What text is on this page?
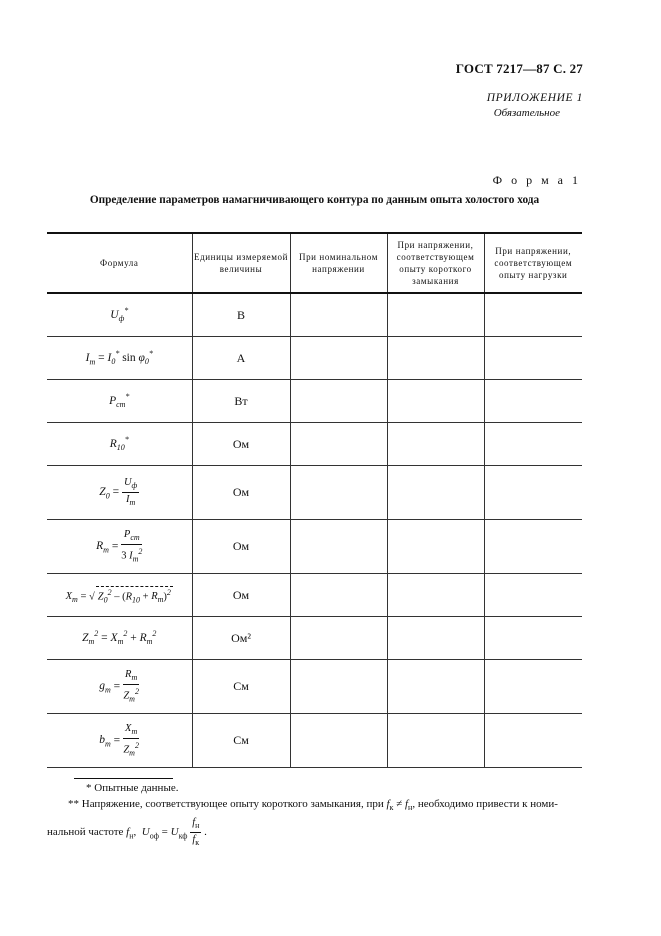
ГОСТ 7217—87 С. 27
ПРИЛОЖЕНИЕ 1
Обязательное
Ф о р м а 1
Определение параметров намагничивающего контура по данным опыта холостого хода
Формула	Единицы измеряемой величины	При номинальном напряжении	При напряжении, соответствующем опыту короткого замыкания	При напряжении, соответствующем опыту нагрузки
$U_ф^*$	В			
$I_m = I_0^*$ $\sin \varphi_0^*$	А			
$P_{ст}^*$	Вт			
$R_{10}^*$	Ом			
$Z_0 = \frac{U_ф}{I_m}$	Ом			
$R_m = \frac{P_{ст}}{3 I_m^2}$	Ом			
$X_m$ = √ $Z_0^2 - (R_{10} + R_m)^2$	Ом			
$Z_m^2 = X_m^2 + R_m^2$	Ом²			
$g_m = \frac{R_m}{Z_m^2}$	См			
$b_m = \frac{X_m}{Z_m^2}$	См			
* Опытные данные.
** Напряжение, соответствующее опыту короткого замыкания, при $f_к \ne f_н$, необходимо привести к номи-
нальной частоте $f_н$,  $U_{оф} = U_{кф} \frac{f_н}{f_к}$ .
